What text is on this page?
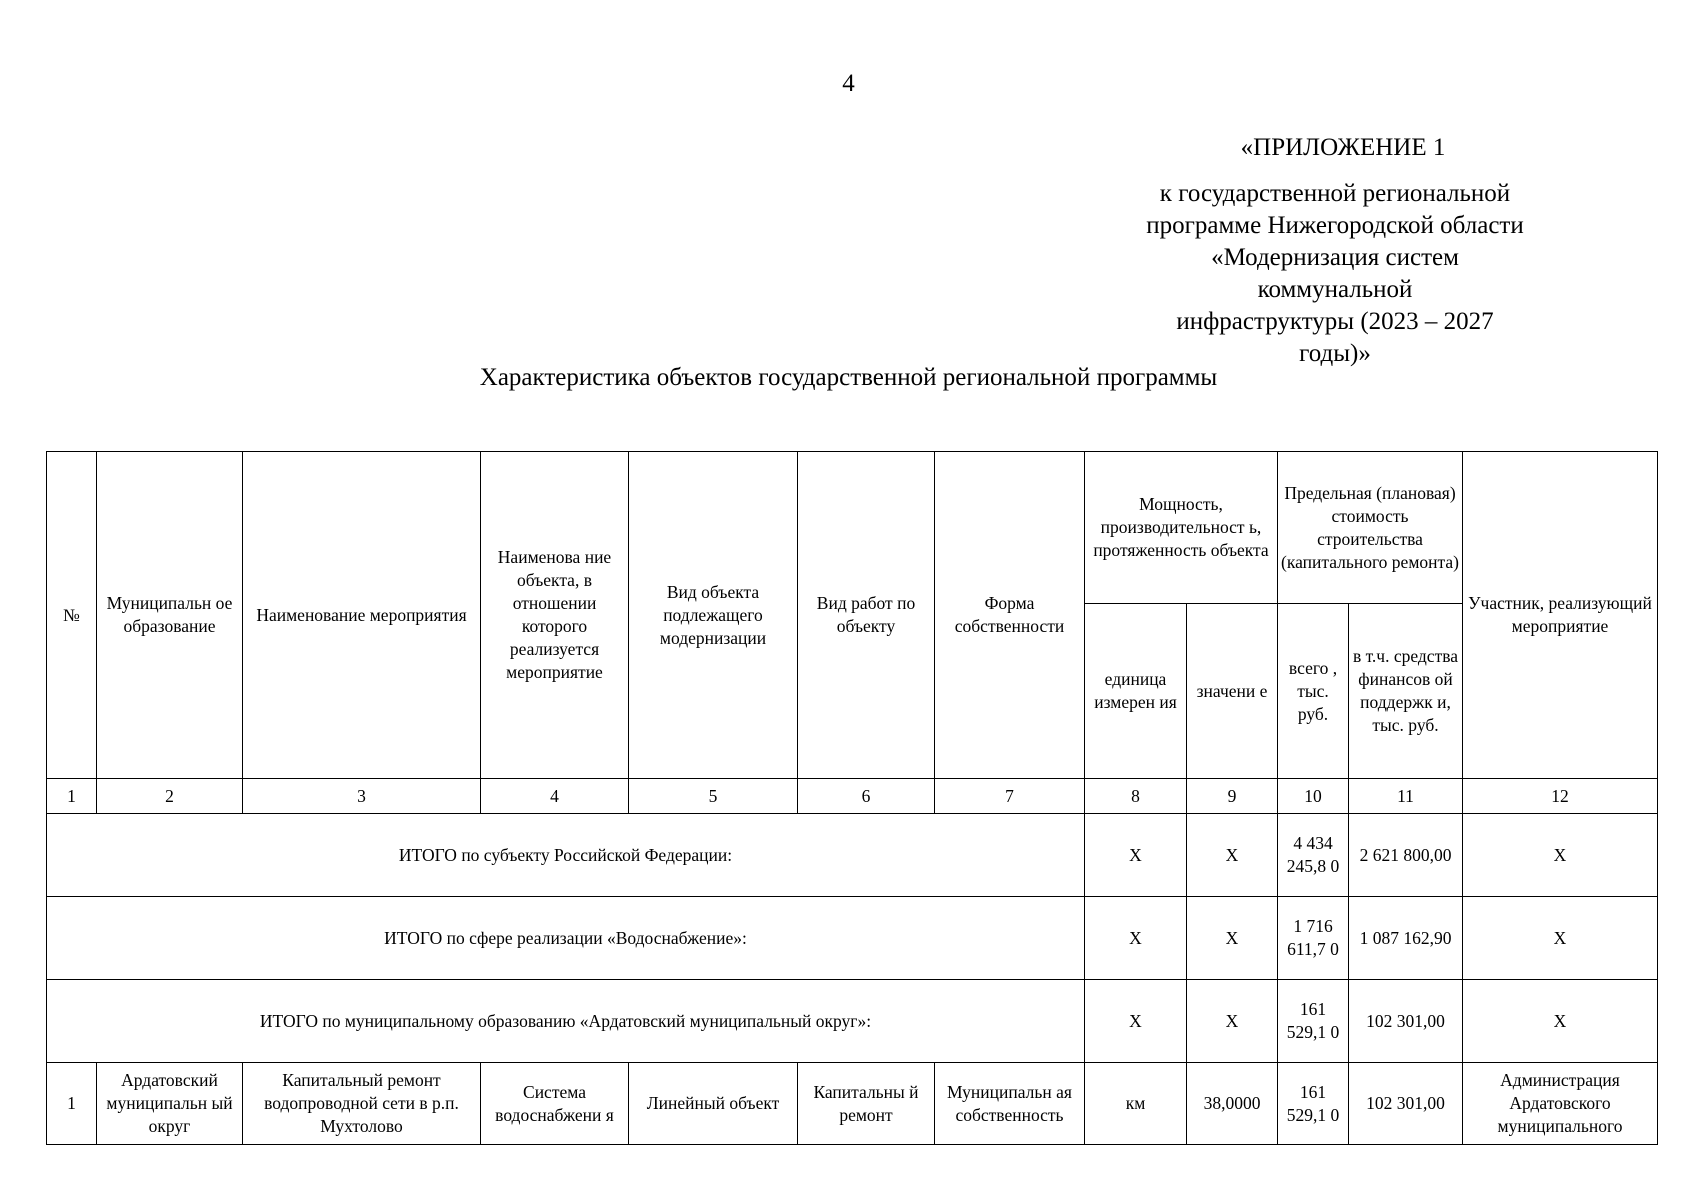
4
«ПРИЛОЖЕНИЕ 1
к государственной региональной
программе Нижегородской области
«Модернизация систем коммунальной
инфраструктуры (2023 – 2027 годы)»
Характеристика объектов государственной региональной программы
№	Муниципальн ое образование	Наименование мероприятия	Наименова ние объекта, в отношении которого реализуется мероприятие	Вид объекта подлежащего модернизации	Вид работ по объекту	Форма собственности	Мощность, производительност ь, протяженность объекта		Предельная (плановая) стоимость строительства (капитального ремонта)		Участник, реализующий мероприятие
							единица измерен ия	значени е	всего , тыс. руб.	в т.ч. средства финансов ой поддержк и, тыс. руб.	
1	2	3	4	5	6	7	8	9	10	11	12
ИТОГО по субъекту Российской Федерации:							Х	Х	4 434 245,8 0	2 621 800,00	Х
ИТОГО по сфере реализации «Водоснабжение»:							Х	Х	1 716 611,7 0	1 087 162,90	Х
ИТОГО по муниципальному образованию «Ардатовский муниципальный округ»:							Х	Х	161 529,1 0	102 301,00	Х
1	Ардатовский муниципальн ый округ	Капитальный ремонт водопроводной сети в р.п. Мухтолово	Система водоснабжени я	Линейный объект	Капитальны й ремонт	Муниципальн ая собственность	км	38,0000	161 529,1 0	102 301,00	Администрация Ардатовского муниципального
